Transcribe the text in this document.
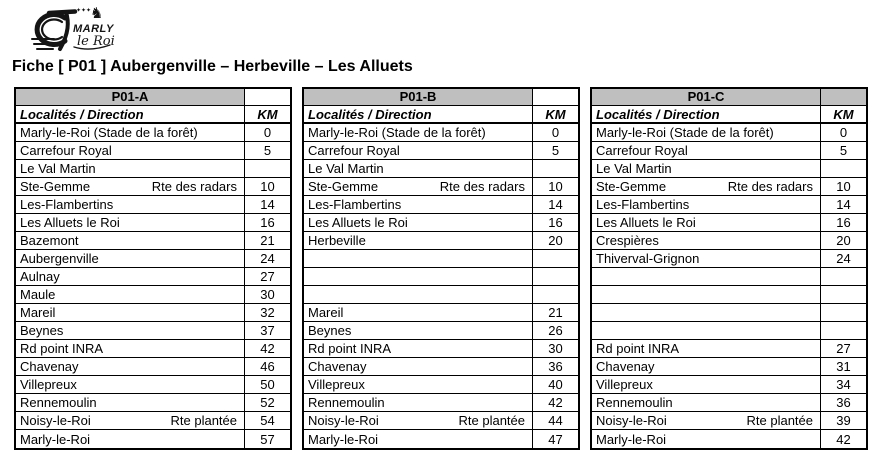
✦✦✦
♞
MARLY
le Roi
Fiche [ P01 ] Aubergenville – Herbeville – Les Alluets
P01-A
Localités / Direction	KM
Marly-le-Roi (Stade de la forêt)	0
Carrefour Royal	5
Le Val Martin
Ste-Gemme	Rte des radars	10
Les-Flambertins	14
Les Alluets le Roi	16
Bazemont	21
Aubergenville	24
Aulnay	27
Maule	30
Mareil	32
Beynes	37
Rd point INRA	42
Chavenay	46
Villepreux	50
Rennemoulin	52
Noisy-le-Roi	Rte plantée	54
Marly-le-Roi	57
P01-B
Localités / Direction	KM
Marly-le-Roi (Stade de la forêt)	0
Carrefour Royal	5
Le Val Martin
Ste-Gemme	Rte des radars	10
Les-Flambertins	14
Les Alluets le Roi	16
Herbeville	20
Mareil	21
Beynes	26
Rd point INRA	30
Chavenay	36
Villepreux	40
Rennemoulin	42
Noisy-le-Roi	Rte plantée	44
Marly-le-Roi	47
P01-C
Localités / Direction	KM
Marly-le-Roi (Stade de la forêt)	0
Carrefour Royal	5
Le Val Martin
Ste-Gemme	Rte des radars	10
Les-Flambertins	14
Les Alluets le Roi	16
Crespières	20
Thiverval-Grignon	24
Rd point INRA	27
Chavenay	31
Villepreux	34
Rennemoulin	36
Noisy-le-Roi	Rte plantée	39
Marly-le-Roi	42
